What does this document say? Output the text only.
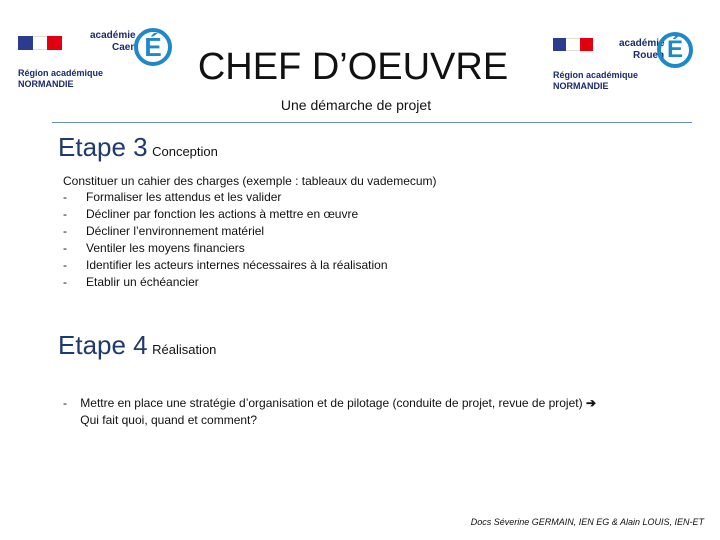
académie
Caen É
Région académique
NORMANDIE
académie
Rouen É
Région académique
NORMANDIE
CHEF D’OEUVRE
Une démarche de projet
Etape 3 Conception
Constituer un cahier des charges (exemple : tableaux du vademecum)
-	Formaliser les attendus et les valider
-	Décliner par fonction les actions à mettre en œuvre
-	Décliner l’environnement matériel
-	Ventiler les moyens financiers
-	Identifier les acteurs internes nécessaires à la réalisation
-	Etablir un échéancier
Etape 4 Réalisation
-	Mettre en place une stratégie d’organisation et de pilotage (conduite de projet, revue de projet) ➔ Qui fait quoi, quand et comment?
Docs Séverine GERMAIN, IEN EG & Alain LOUIS, IEN-ET
